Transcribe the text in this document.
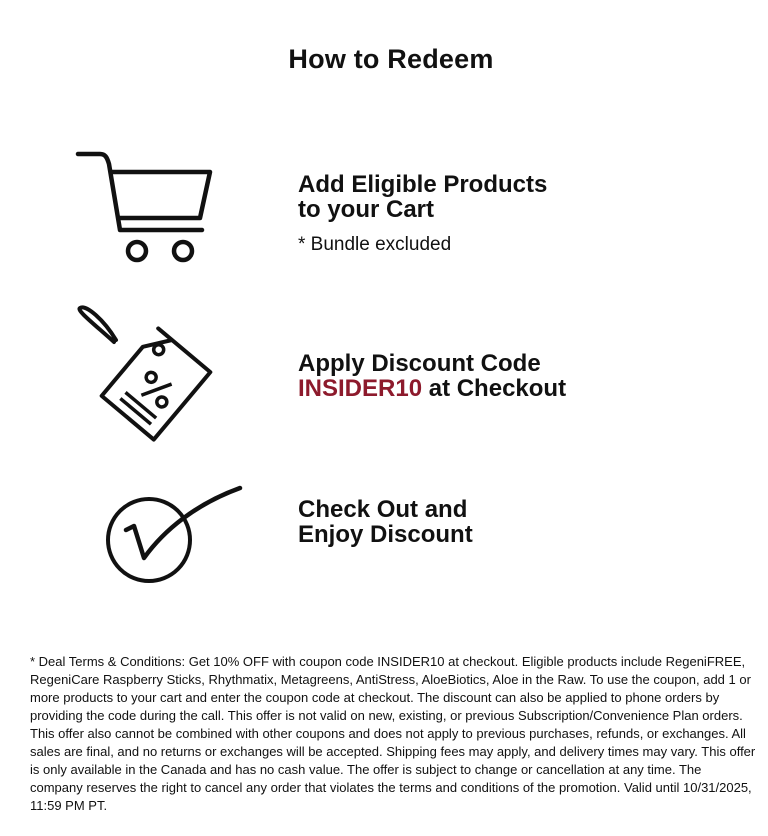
How to Redeem

Add Eligible Products
to your Cart

* Bundle excluded

Apply Discount Code
INSIDER10 at Checkout

Check Out and
Enjoy Discount

* Deal Terms & Conditions: Get 10% OFF with coupon code INSIDER10 at checkout. Eligible products include RegeniFREE, RegeniCare Raspberry Sticks, Rhythmatix, Metagreens, AntiStress, AloeBiotics, Aloe in the Raw. To use the coupon, add 1 or more products to your cart and enter the coupon code at checkout. The discount can also be applied to phone orders by providing the code during the call. This offer is not valid on new, existing, or previous Subscription/Convenience Plan orders. This offer also cannot be combined with other coupons and does not apply to previous purchases, refunds, or exchanges. All sales are final, and no returns or exchanges will be accepted. Shipping fees may apply, and delivery times may vary. This offer is only available in the Canada and has no cash value. The offer is subject to change or cancellation at any time. The company reserves the right to cancel any order that violates the terms and conditions of the promotion. Valid until 10/31/2025, 11:59 PM PT.
